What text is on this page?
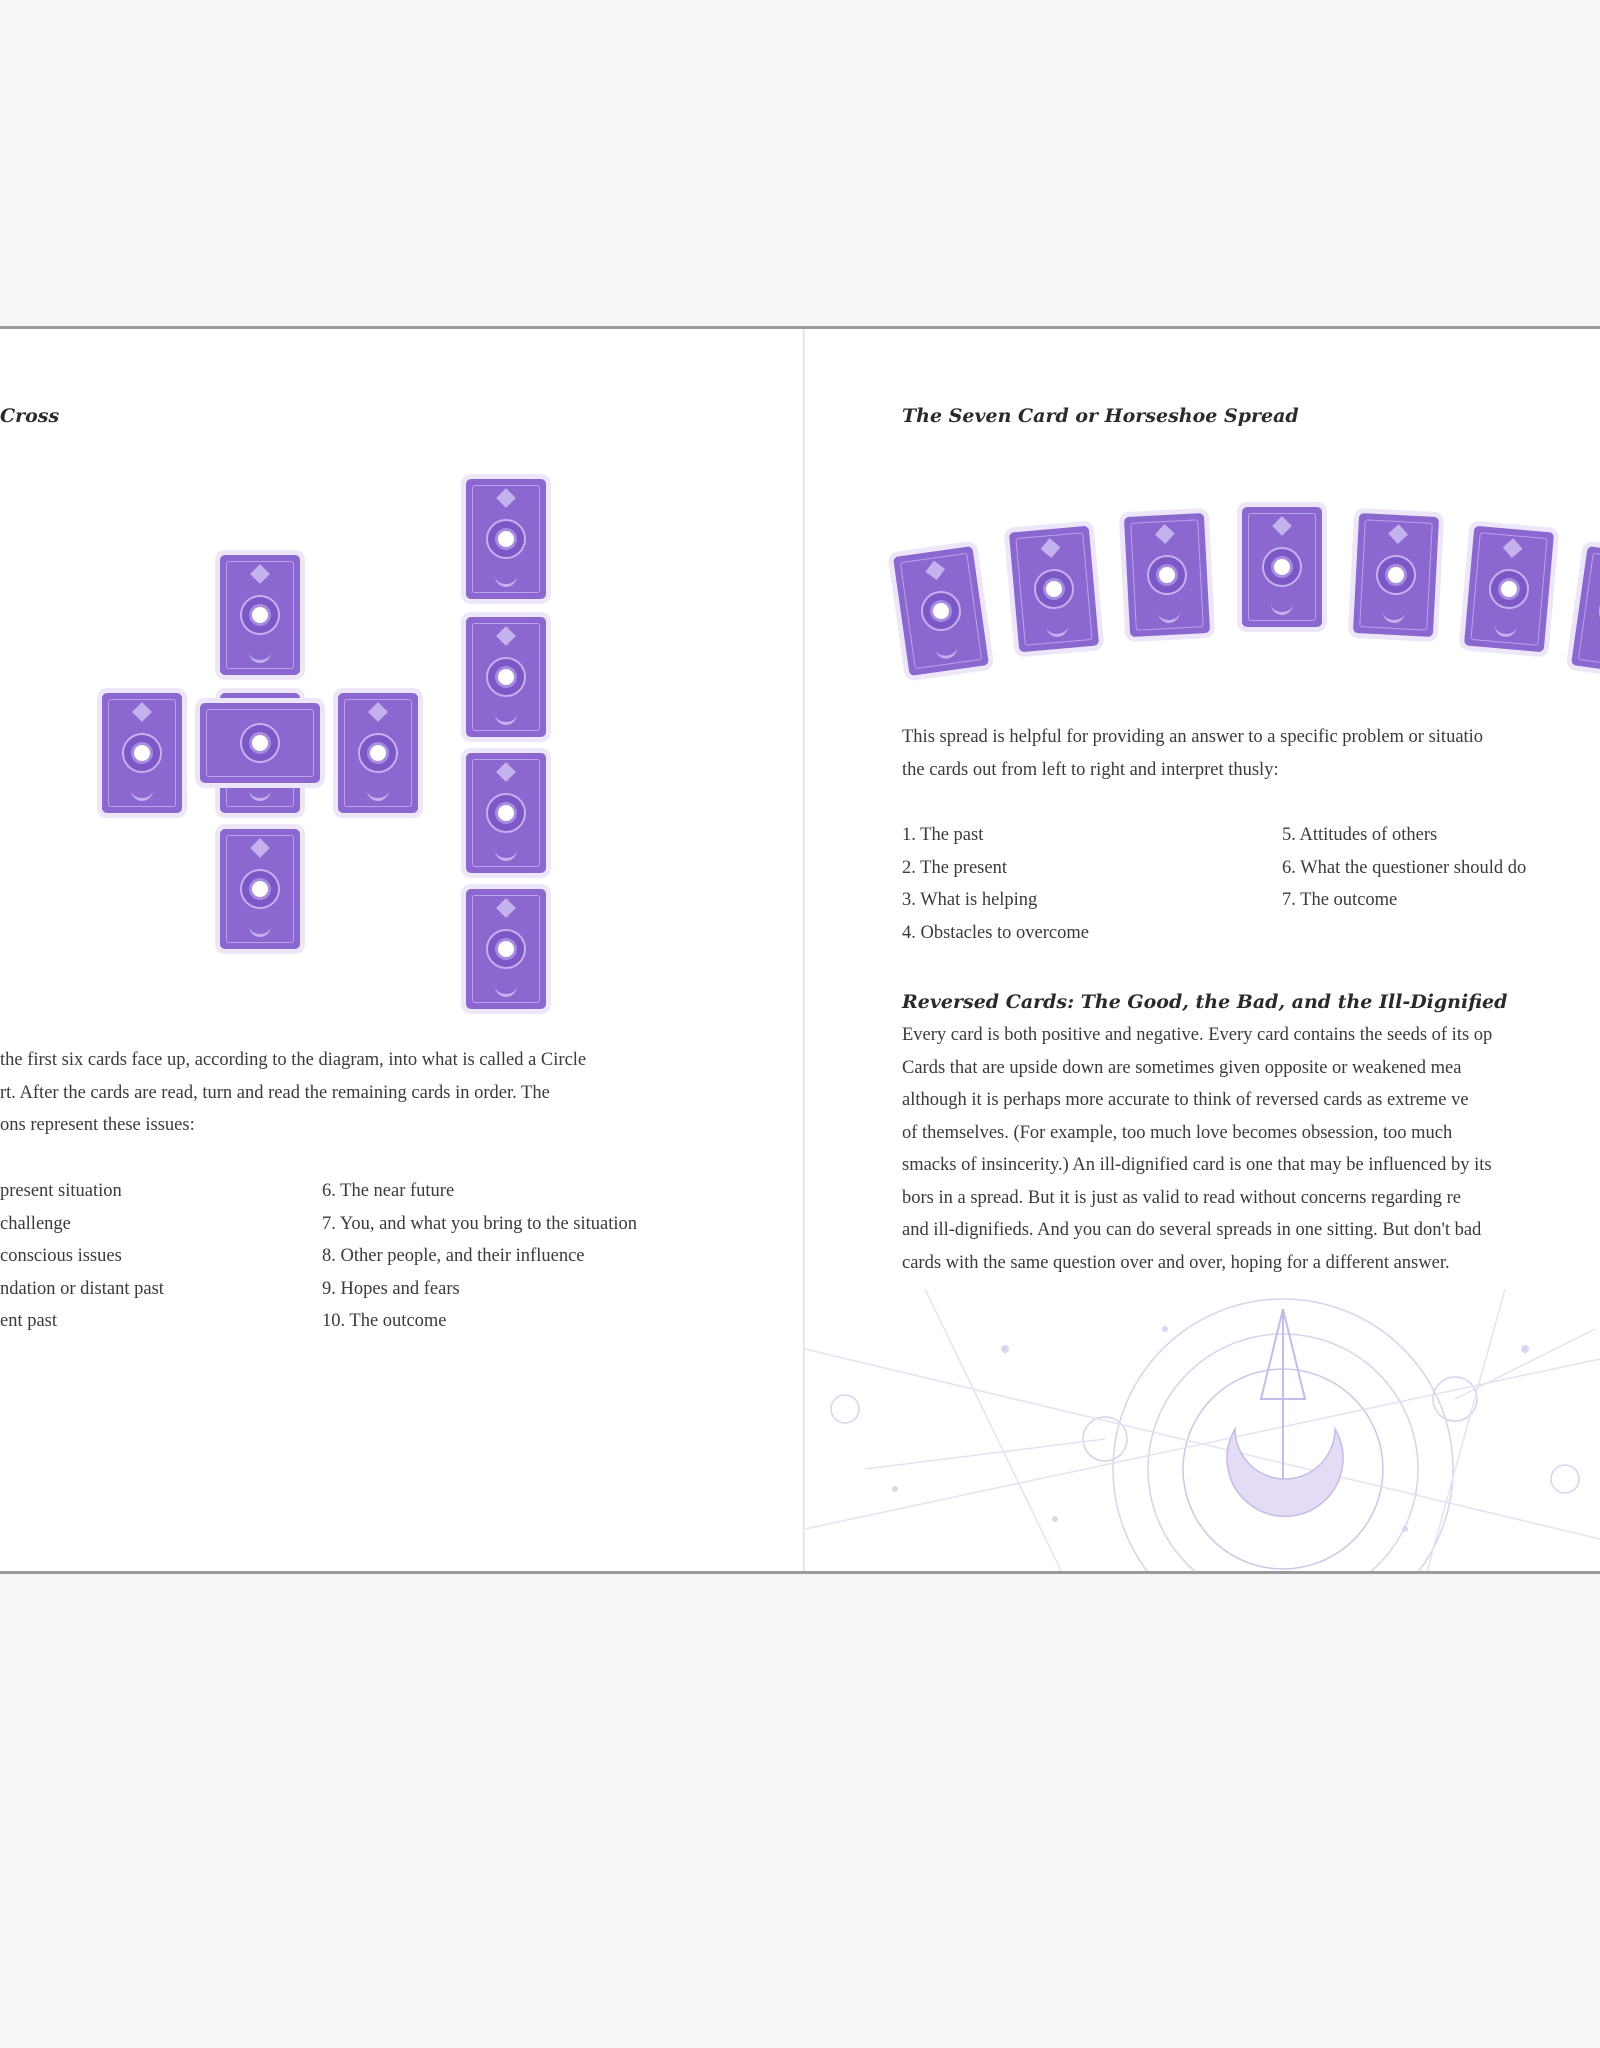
Cross
the first six cards face up, according to the diagram, into what is called a Circle
rt. After the cards are read, turn and read the remaining cards in order. The
ons represent these issues:
present situation
challenge
conscious issues
ndation or distant past
ent past
6. The near future
7. You, and what you bring to the situation
8. Other people, and their influence
9. Hopes and fears
10. The outcome
The Seven Card or Horseshoe Spread
This spread is helpful for providing an answer to a specific problem or situatio
the cards out from left to right and interpret thusly:
1. The past
2. The present
3. What is helping
4. Obstacles to overcome
5. Attitudes of others
6. What the questioner should do
7. The outcome
Reversed Cards: The Good, the Bad, and the Ill-Dignified
Every card is both positive and negative. Every card contains the seeds of its op
Cards that are upside down are sometimes given opposite or weakened mea
although it is perhaps more accurate to think of reversed cards as extreme ve
of themselves. (For example, too much love becomes obsession, too much
smacks of insincerity.) An ill-dignified card is one that may be influenced by its
bors in a spread. But it is just as valid to read without concerns regarding re
and ill-dignifieds. And you can do several spreads in one sitting. But don't bad
cards with the same question over and over, hoping for a different answer.
